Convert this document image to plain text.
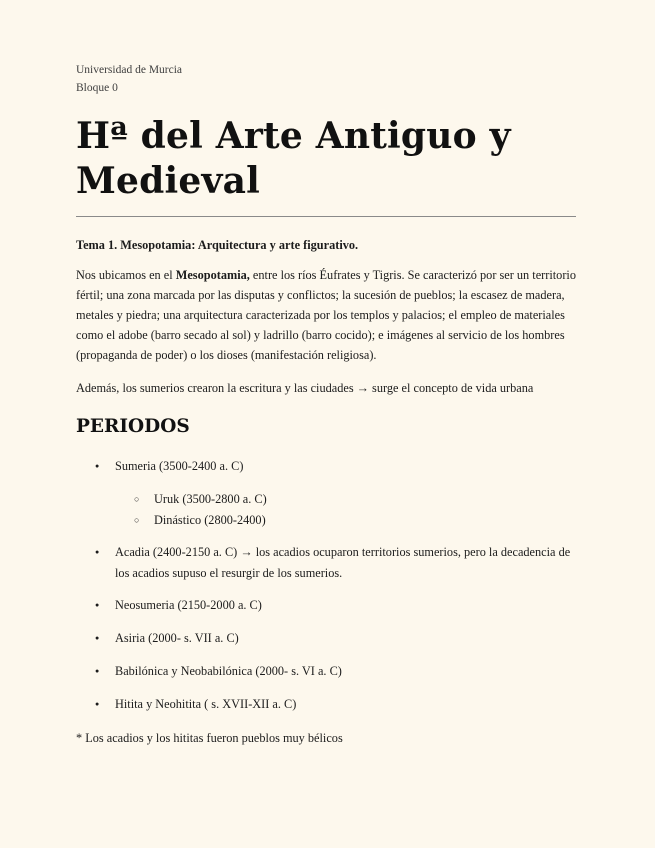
Universidad de Murcia
Bloque 0
Hª del Arte Antiguo y Medieval
Tema 1. Mesopotamia: Arquitectura y arte figurativo.

Nos ubicamos en el Mesopotamia, entre los ríos Éufrates y Tigris. Se caracterizó por ser un territorio fértil; una zona marcada por las disputas y conflictos; la sucesión de pueblos; la escasez de madera, metales y piedra; una arquitectura caracterizada por los templos y palacios; el empleo de materiales como el adobe (barro secado al sol) y ladrillo (barro cocido); e imágenes al servicio de los hombres (propaganda de poder) o los dioses (manifestación religiosa).

Además, los sumerios crearon la escritura y las ciudades → surge el concepto de vida urbana

PERIODOS
● Sumeria (3500-2400 a. C)
○ Uruk (3500-2800 a. C)
○ Dinástico (2800-2400)
● Acadia (2400-2150 a. C) → los acadios ocuparon territorios sumerios, pero la decadencia de los acadios supuso el resurgir de los sumerios.
● Neosumeria (2150-2000 a. C)
● Asiria (2000- s. VII a. C)
● Babilónica y Neobabilónica (2000- s. VI a. C)
● Hitita y Neohitita ( s. XVII-XII a. C)
* Los acadios y los hititas fueron pueblos muy bélicos
